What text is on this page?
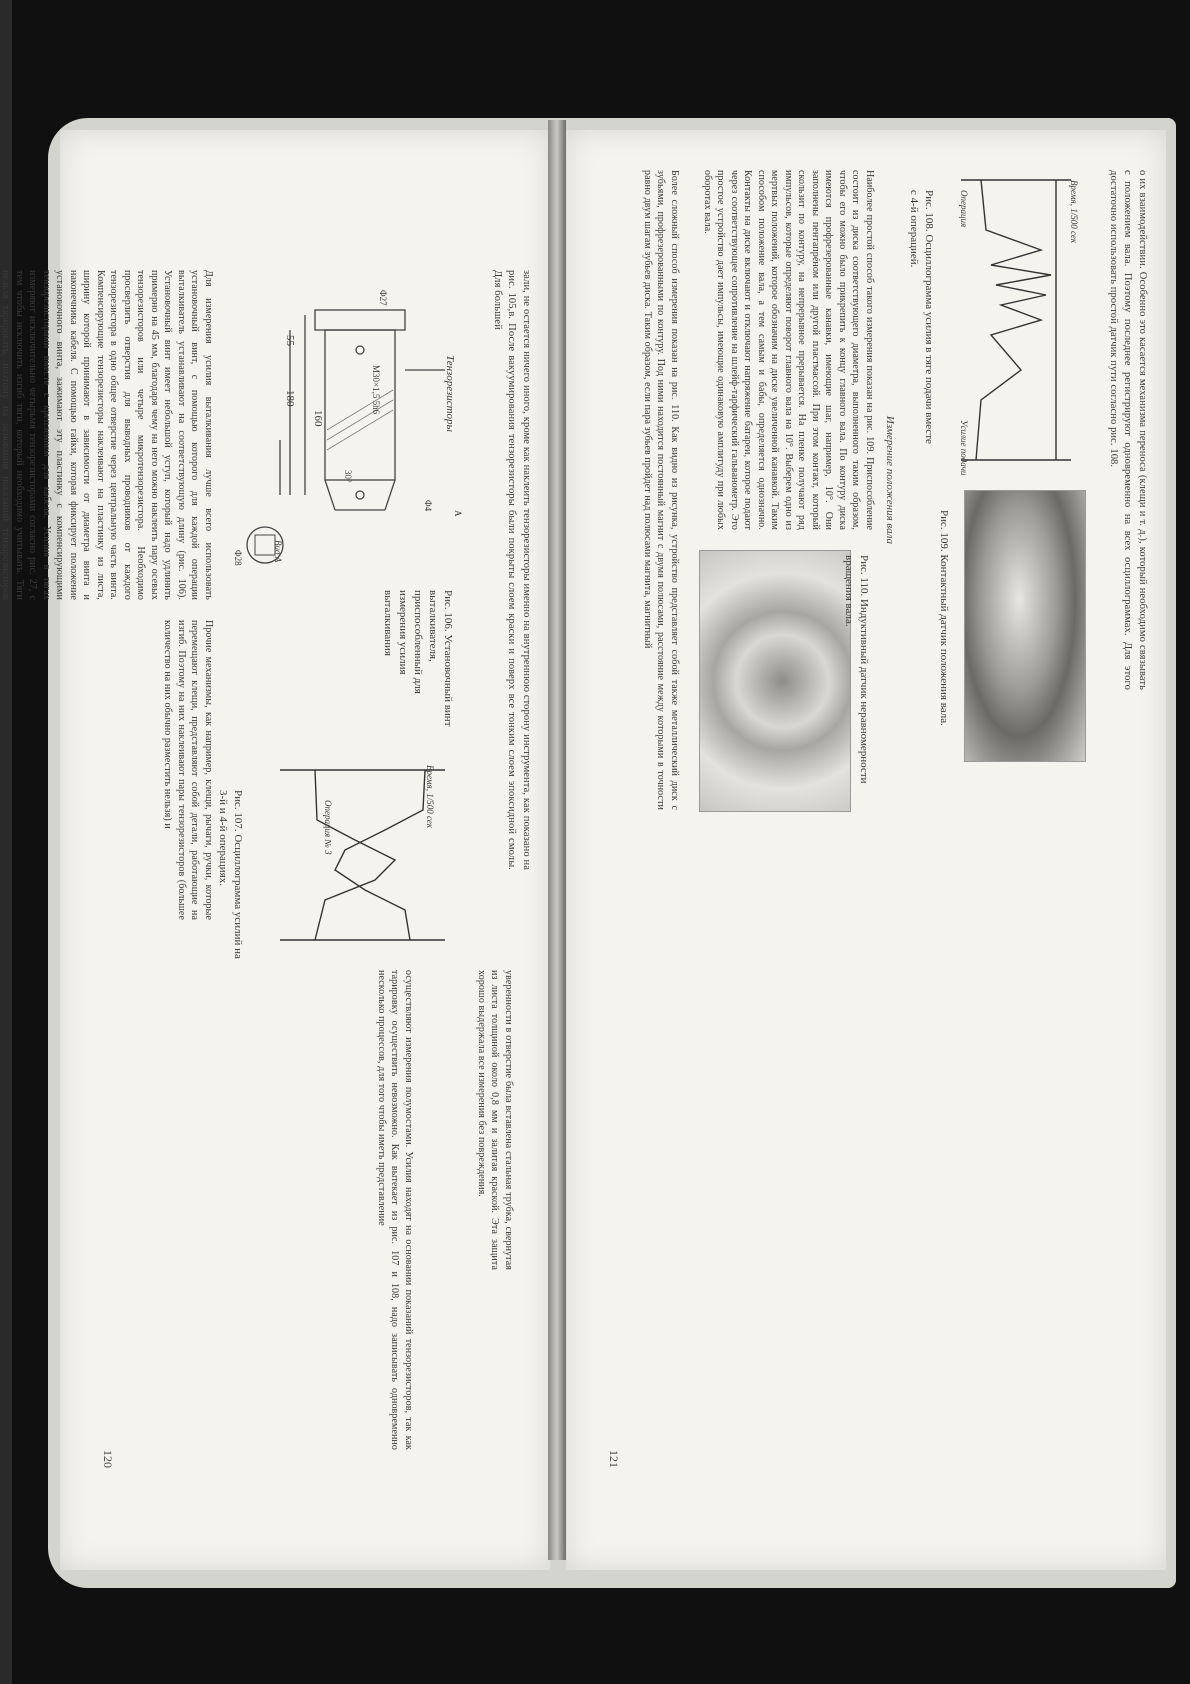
зали, не остается ничего иного, кроме как наклеить тензорезисторы именно на внутреннюю сторону инструмента, как показано на рис. 105,в. После вакуумирования тензорезисторы были покрыты слоем краски и поверх все тонким слоем эпоксидной смолы. Для большей
Тензорезисторы
160
180
55
M30×1,5 5h6
Φ4
Φ27
30°
Φ28	Вид А
A
Рис. 106. Установочный винт выталкивателя, приспособленный для измерения усилия выталкивания
Время, 1/500 сек
Операция № 3
Рис. 107. Осциллограмма усилий на 3-й и 4-й операциях.
Для измерения усилия выталкивания лучше всего использовать установочный винт, с помощью которого для каждой операции выталкиватель устанавливают на соответствующую длину (рис. 106). Установочный винт имеет небольшой уступ, который надо удлинить примерно на 45 мм, благодаря чему на него можно наклеить пару осевых тензорезисторов или четыре микротензорезистора. Необходимо просверлить отверстия для выводных проводников от каждого тензорезистора в одно общее отверстие через центральную часть винта. Компенсирующие тензорезисторы наклеивают на пластинку из листа, ширину которой принимают в зависимости от диаметра винта и наконечника кабеля. С помощью гайки, которая фиксирует положение установочного винта, зажимают эту пластинку с компенсирующими тензорезисторами вместе с креплением для кабеля. Усилия в тягах измеряют исключительно четырьмя тензорезисторами согласно рис. 27, с тем чтобы исключить изгиб тяги, который необходимо учитывать. Тяги нельзя тарировать, поэтому на основании показаний тензорезисторов
Прочие механизмы, как например, клещи, рычаги, ручки, которые перемещают клещи, представляют собой детали, работающие на изгиб. Поэтому на них наклеивают пары тензорезисторов (большее количество на них обычно разместить нельзя) и
уверенности в отверстие была вставлена стальная трубка, свернутая из листа толщиной около 0,8 мм и залитая краской. Эта защита хорошо выдержала все измерения без повреждения.
осуществляют измерения полумостами. Усилия находят на основании показаний тензорезисторов, так как тарировку осуществить невозможно. Как вытекает из рис. 107 и 108, надо записывать одновременно несколько процессов, для того чтобы иметь представление
120
о их взаимодействии. Особенно это касается механизма переноса (клещи и т. д.), который необходимо связывать с положением вала. Поэтому последнее регистрируют одновременно на всех осциллограммах. Для этого достаточно использовать простой датчик пути согласно рис. 108.
Время, 1/500 сек
Операция
Усилие подачи
Рис. 108. Осциллограмма усилия в тяге подачи вместе с 4-й операцией.
Рис. 109. Контактный датчик положения вала.
Измерение положения вала
Наиболее простой способ такого измерения показан на рис. 109. Приспособление состоит из диска соответствующего диаметра, выполненного таким образом, чтобы его можно было прикрепить к концу главного вала. По контуру диска имеются профрезерованные канавки, имеющие шаг, например, 10°. Они заполнены пентапрéном или другой пластмассой. При этом контакт, который скользит по контуру, на непрерывное прерывается. На пленке получают ряд импульсов, которые определяют поворот главного вала на 10°. Выберем одно из мертвых положений, которое обозначим на диске увеличенной канавкой. Таким способом положение вала, а тем самым и бабы, определяется однозначно. Контакты на диске включают и отключают напряжение батареи, которое подают через соответствующее сопротивление на шлейф-тарфический гальванометр. Это простое устройство дает импульсы, имеющие одинаковую амплитуду при любых оборотах вала.
Более сложный способ измерения показан на рис. 110. Как видно из рисунка, устройство представляет собой также металлический диск с зубьями, профрезерованными по контуру. Под ними находится постоянный магнит с двумя полюсами, расстояние между которыми в точности равно двум шагам зубьев диска. Таким образом, если пара зубьев пройдет над полюсами магнита, магнитный
Рис. 110. Индуктивный датчик неравномерности вращения вала.
121
